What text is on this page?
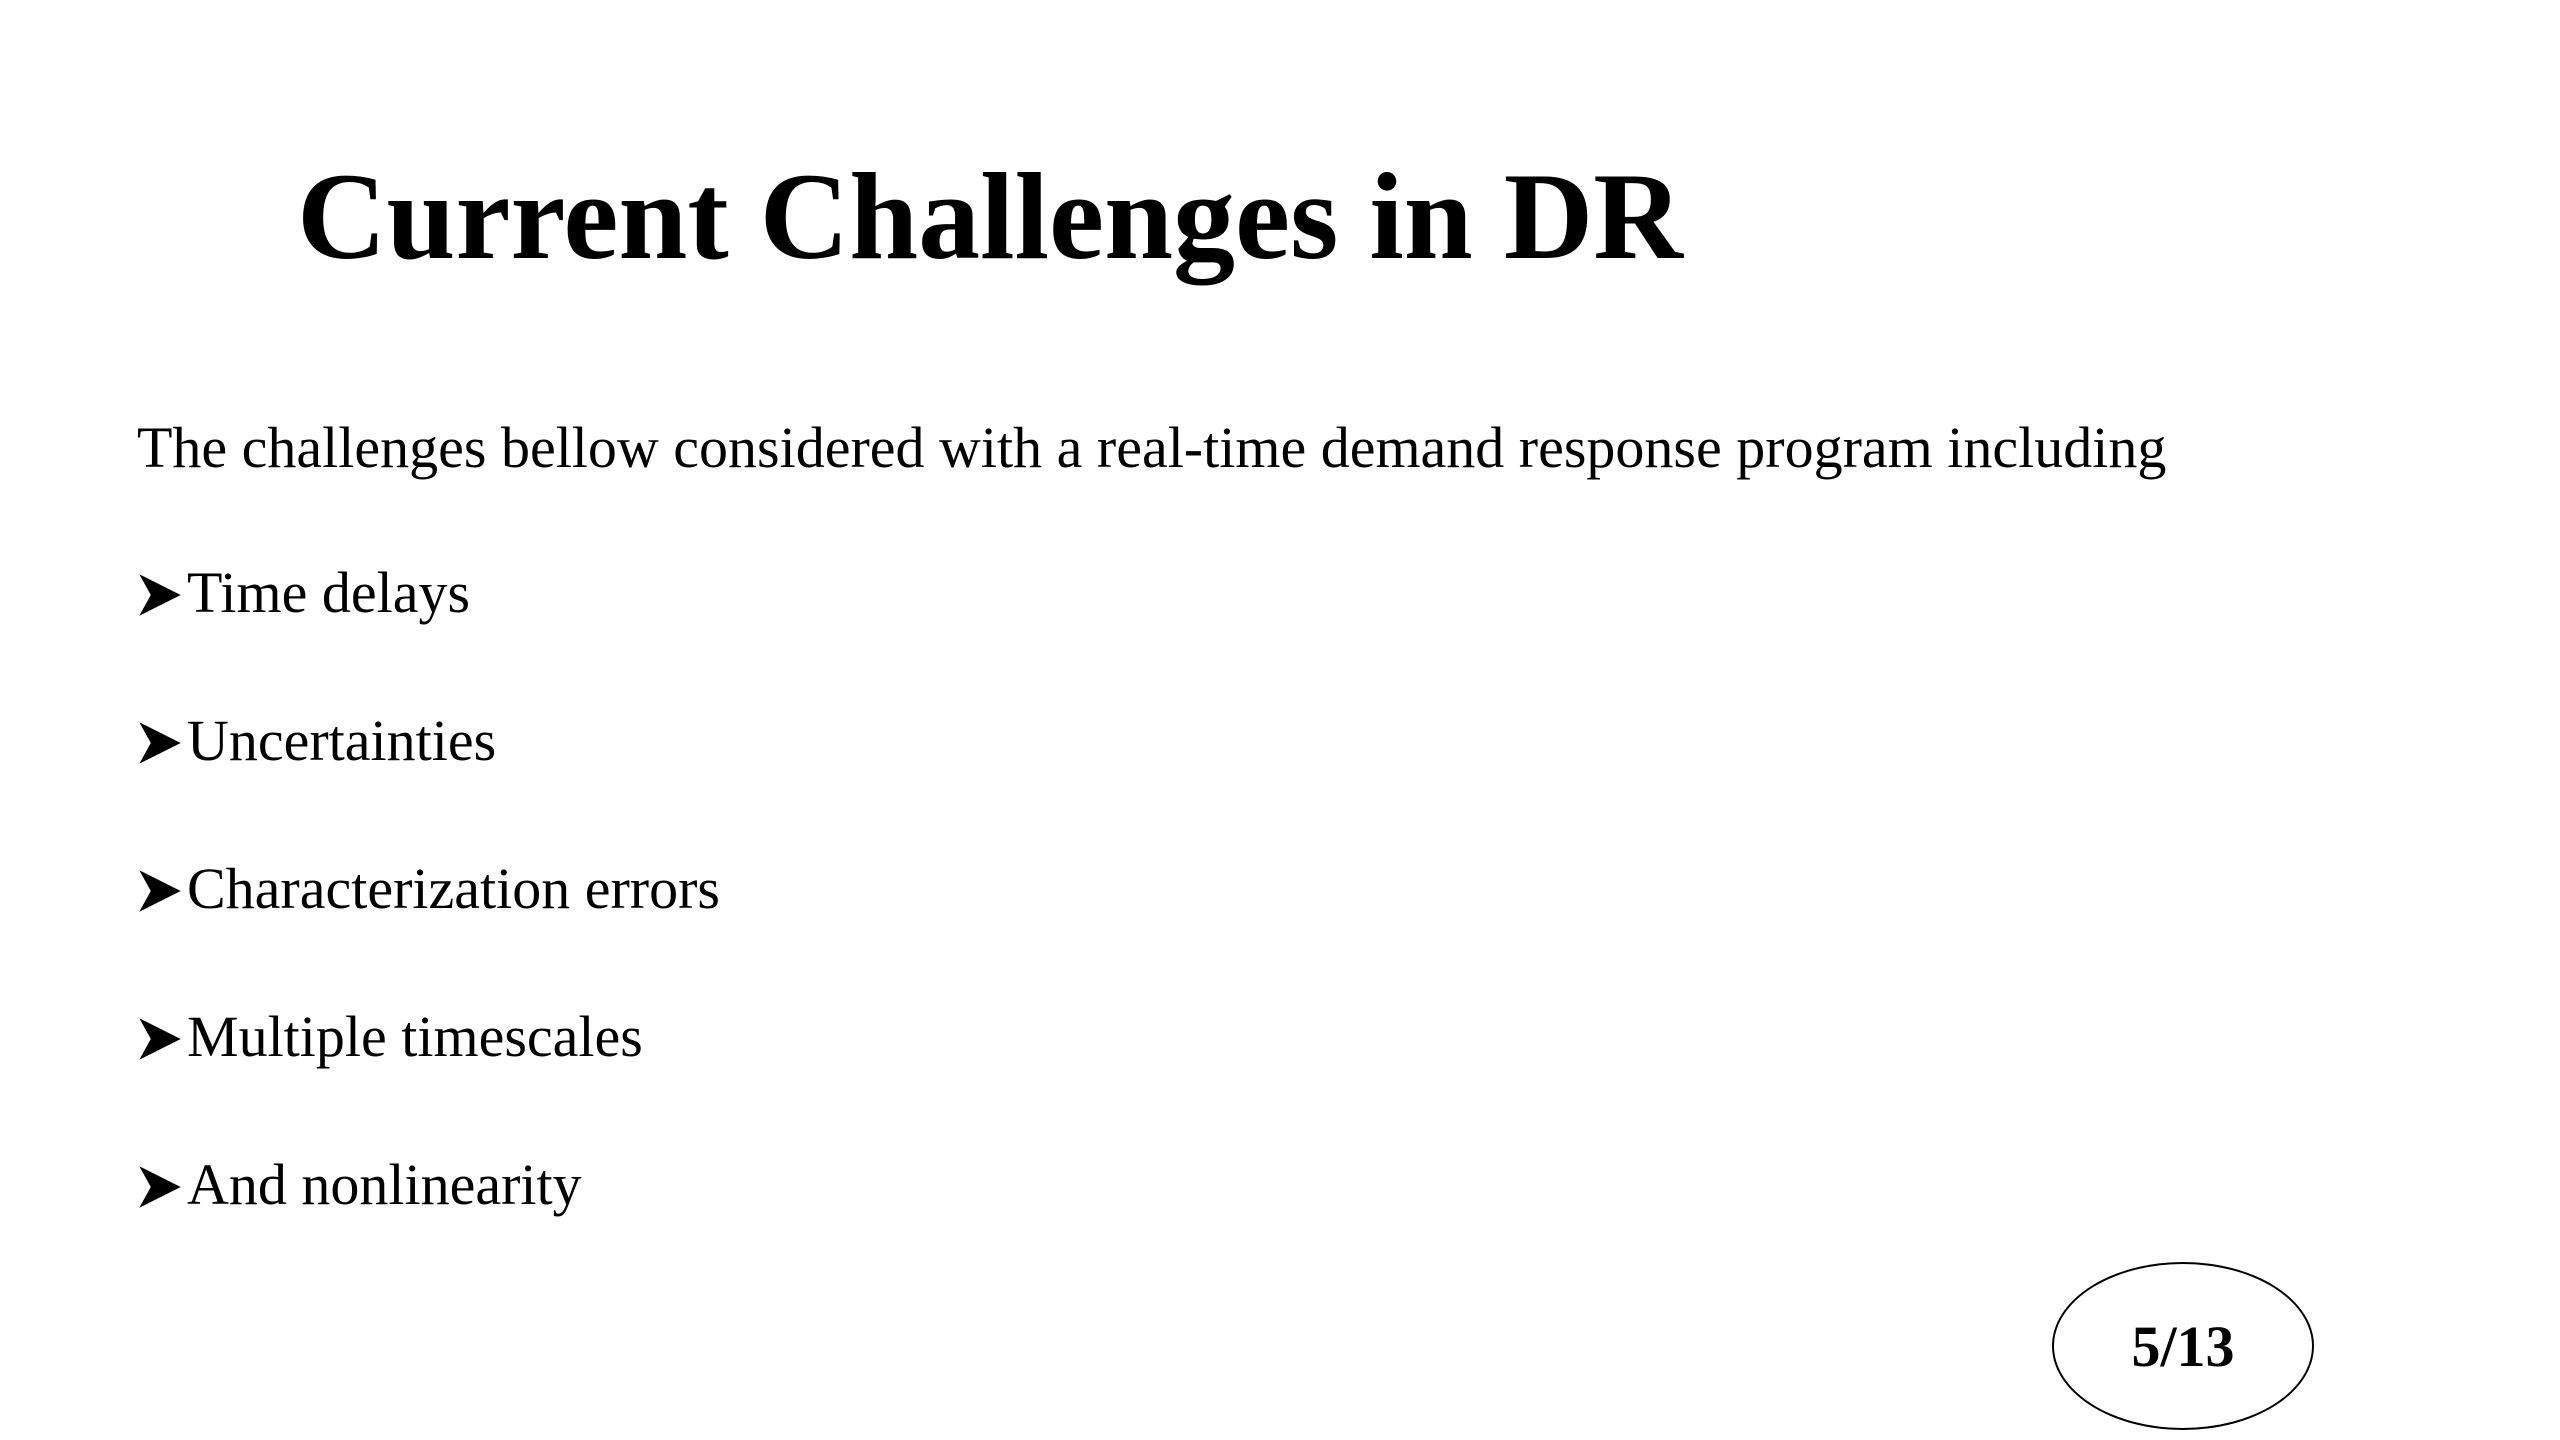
Current Challenges in DR

The challenges bellow considered with a real-time demand response program including

Time delays
Uncertainties
Characterization errors
Multiple timescales
And nonlinearity
5/13
